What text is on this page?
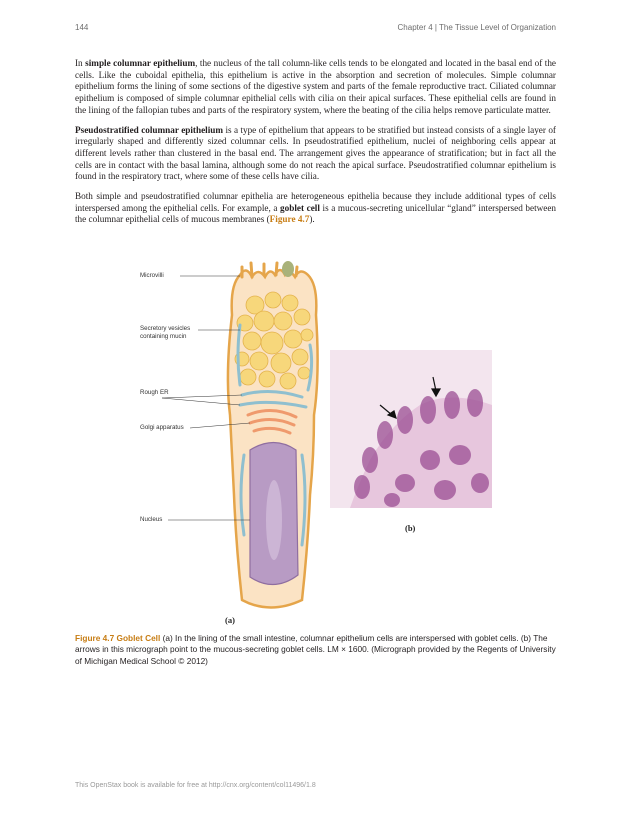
144	Chapter 4 | The Tissue Level of Organization

In simple columnar epithelium, the nucleus of the tall column-like cells tends to be elongated and located in the basal end of the cells. Like the cuboidal epithelia, this epithelium is active in the absorption and secretion of molecules. Simple columnar epithelium forms the lining of some sections of the digestive system and parts of the female reproductive tract. Ciliated columnar epithelium is composed of simple columnar epithelial cells with cilia on their apical surfaces. These epithelial cells are found in the lining of the fallopian tubes and parts of the respiratory system, where the beating of the cilia helps remove particulate matter.

Pseudostratified columnar epithelium is a type of epithelium that appears to be stratified but instead consists of a single layer of irregularly shaped and differently sized columnar cells. In pseudostratified epithelium, nuclei of neighboring cells appear at different levels rather than clustered in the basal end. The arrangement gives the appearance of stratification; but in fact all the cells are in contact with the basal lamina, although some do not reach the apical surface. Pseudostratified columnar epithelium is found in the respiratory tract, where some of these cells have cilia.

Both simple and pseudostratified columnar epithelia are heterogeneous epithelia because they include additional types of cells interspersed among the epithelial cells. For example, a goblet cell is a mucous-secreting unicellular “gland” interspersed between the columnar epithelial cells of mucous membranes (Figure 4.7).

Microvilli
Secretory vesicles
containing mucin
Rough ER
Golgi apparatus
Nucleus
(a)
(b)
Figure 4.7 Goblet Cell (a) In the lining of the small intestine, columnar epithelium cells are interspersed with goblet cells. (b) The arrows in this micrograph point to the mucous-secreting goblet cells. LM × 1600. (Micrograph provided by the Regents of University of Michigan Medical School © 2012)
This OpenStax book is available for free at http://cnx.org/content/col11496/1.8
